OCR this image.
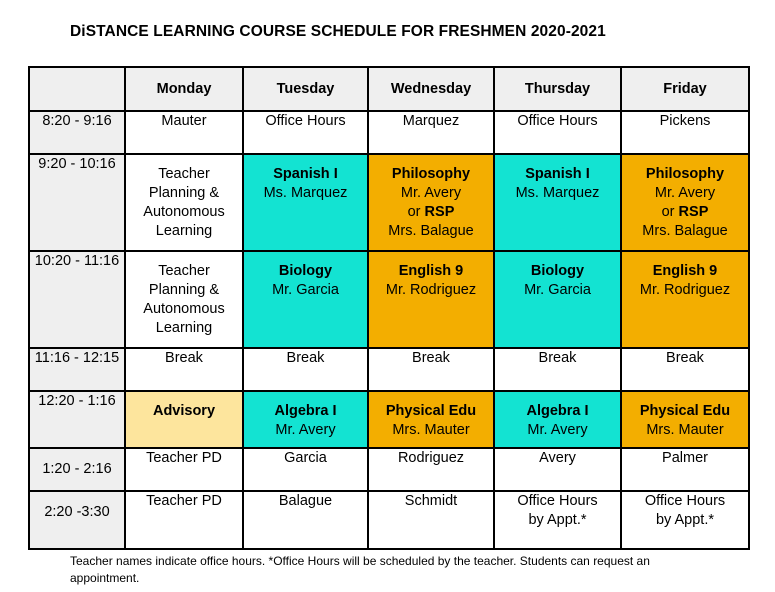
DiSTANCE LEARNING COURSE SCHEDULE FOR FRESHMEN 2020-2021
	Monday	Tuesday	Wednesday	Thursday	Friday
8:20 - 9:16	Mauter	Office Hours	Marquez	Office Hours	Pickens

9:20 - 10:16	Teacher
Planning &
Autonomous
Learning	Spanish I
Ms. Marquez	Philosophy
Mr. Avery
or RSP
Mrs. Balague	Spanish I
Ms. Marquez	Philosophy
Mr. Avery
or RSP
Mrs. Balague

10:20 - 11:16	Teacher
Planning &
Autonomous
Learning	Biology
Mr. Garcia	English 9
Mr. Rodriguez	Biology
Mr. Garcia	English 9
Mr. Rodriguez

11:16 - 12:15	Break	Break	Break	Break	Break

12:20 - 1:16	Advisory	Algebra I
Mr. Avery	Physical Edu
Mrs. Mauter	Algebra I
Mr. Avery	Physical Edu
Mrs. Mauter

1:20 - 2:16	Teacher PD	Garcia	Rodriguez	Avery	Palmer

2:20 -3:30	Teacher PD	Balague	Schmidt	Office Hours
by Appt.*	Office Hours
by Appt.*
Teacher names indicate office hours. *Office Hours will be scheduled by the teacher. Students can request an appointment.
